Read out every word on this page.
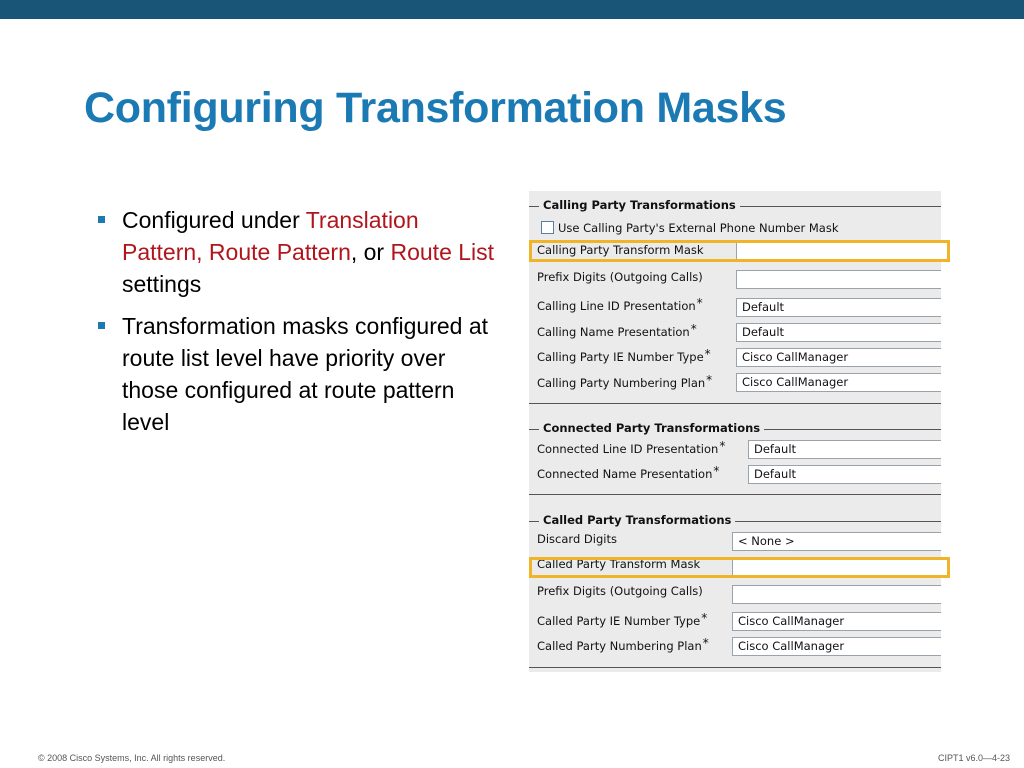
Configuring Transformation Masks
Configured under Translation Pattern, Route Pattern, or Route List settings
Transformation masks configured at route list level have priority over those configured at route pattern level
Calling Party Transformations
Use Calling Party's External Phone Number Mask
Calling Party Transform Mask
Prefix Digits (Outgoing Calls)
Calling Line ID Presentation*	Default
Calling Name Presentation*	Default
Calling Party IE Number Type*	Cisco CallManager
Calling Party Numbering Plan*	Cisco CallManager
Connected Party Transformations
Connected Line ID Presentation*	Default
Connected Name Presentation*	Default
Called Party Transformations
Discard Digits	< None >
Called Party Transform Mask
Prefix Digits (Outgoing Calls)
Called Party IE Number Type*	Cisco CallManager
Called Party Numbering Plan*	Cisco CallManager
© 2008 Cisco Systems, Inc. All rights reserved.	CIPT1 v6.0—4-23
